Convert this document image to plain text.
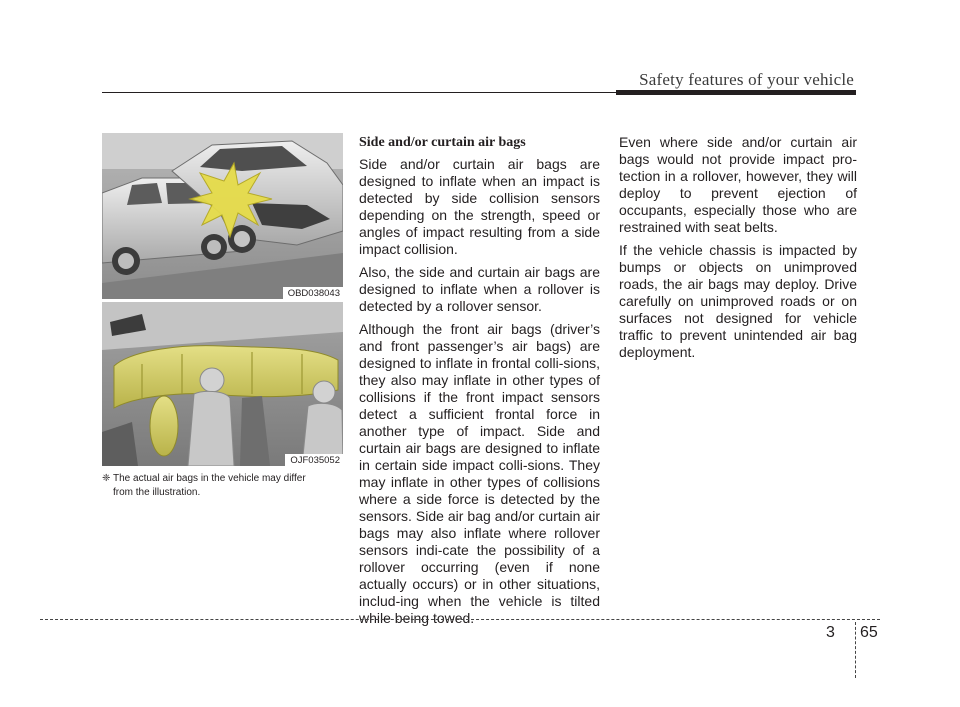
Safety features of your vehicle
OBD038043
OJF035052
❈ The actual air bags in the vehicle may differ
from the illustration.
Side and/or curtain air bags

Side and/or curtain air bags are designed to inflate when an impact is detected by side collision sensors depending on the strength, speed or angles of impact resulting from a side impact collision.

Also, the side and curtain air bags are designed to inflate when a rollover is detected by a rollover sensor.

Although the front air bags (driver’s and front passenger’s air bags) are designed to inflate in frontal colli-sions, they also may inflate in other types of collisions if the front impact sensors detect a sufficient frontal force in another type of impact. Side and curtain air bags are designed to inflate in certain side impact colli-sions. They may inflate in other types of collisions where a side force is detected by the sensors. Side air bag and/or curtain air bags may also inflate where rollover sensors indi-cate the possibility of a rollover occurring (even if none actually occurs) or in other situations, includ-ing when the vehicle is tilted while being towed.

Even where side and/or curtain air bags would not provide impact pro-tection in a rollover, however, they will deploy to prevent ejection of occupants, especially those who are restrained with seat belts.

If the vehicle chassis is impacted by bumps or objects on unimproved roads, the air bags may deploy. Drive carefully on unimproved roads or on surfaces not designed for vehicle traffic to prevent unintended air bag deployment.

3 65
